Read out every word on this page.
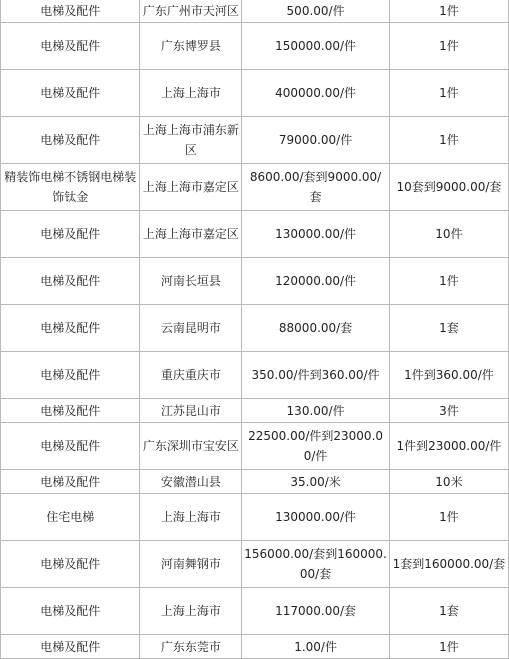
电梯及配件	广东广州市天河区	500.00/件	1件
电梯及配件	广东博罗县	150000.00/件	1件
电梯及配件	上海上海市	400000.00/件	1件
电梯及配件	上海上海市浦东新区	79000.00/件	1件
精装饰电梯不锈钢电梯装饰钛金	上海上海市嘉定区	8600.00/套到9000.00/套	10套到9000.00/套
电梯及配件	上海上海市嘉定区	130000.00/件	10件
电梯及配件	河南长垣县	120000.00/件	1件
电梯及配件	云南昆明市	88000.00/套	1套
电梯及配件	重庆重庆市	350.00/件到360.00/件	1件到360.00/件
电梯及配件	江苏昆山市	130.00/件	3件
电梯及配件	广东深圳市宝安区	22500.00/件到23000.00/件	1件到23000.00/件
电梯及配件	安徽潜山县	35.00/米	10米
住宅电梯	上海上海市	130000.00/件	1件
电梯及配件	河南舞钢市	156000.00/套到160000.00/套	1套到160000.00/套
电梯及配件	上海上海市	117000.00/套	1套
电梯及配件	广东东莞市	1.00/件	1件
